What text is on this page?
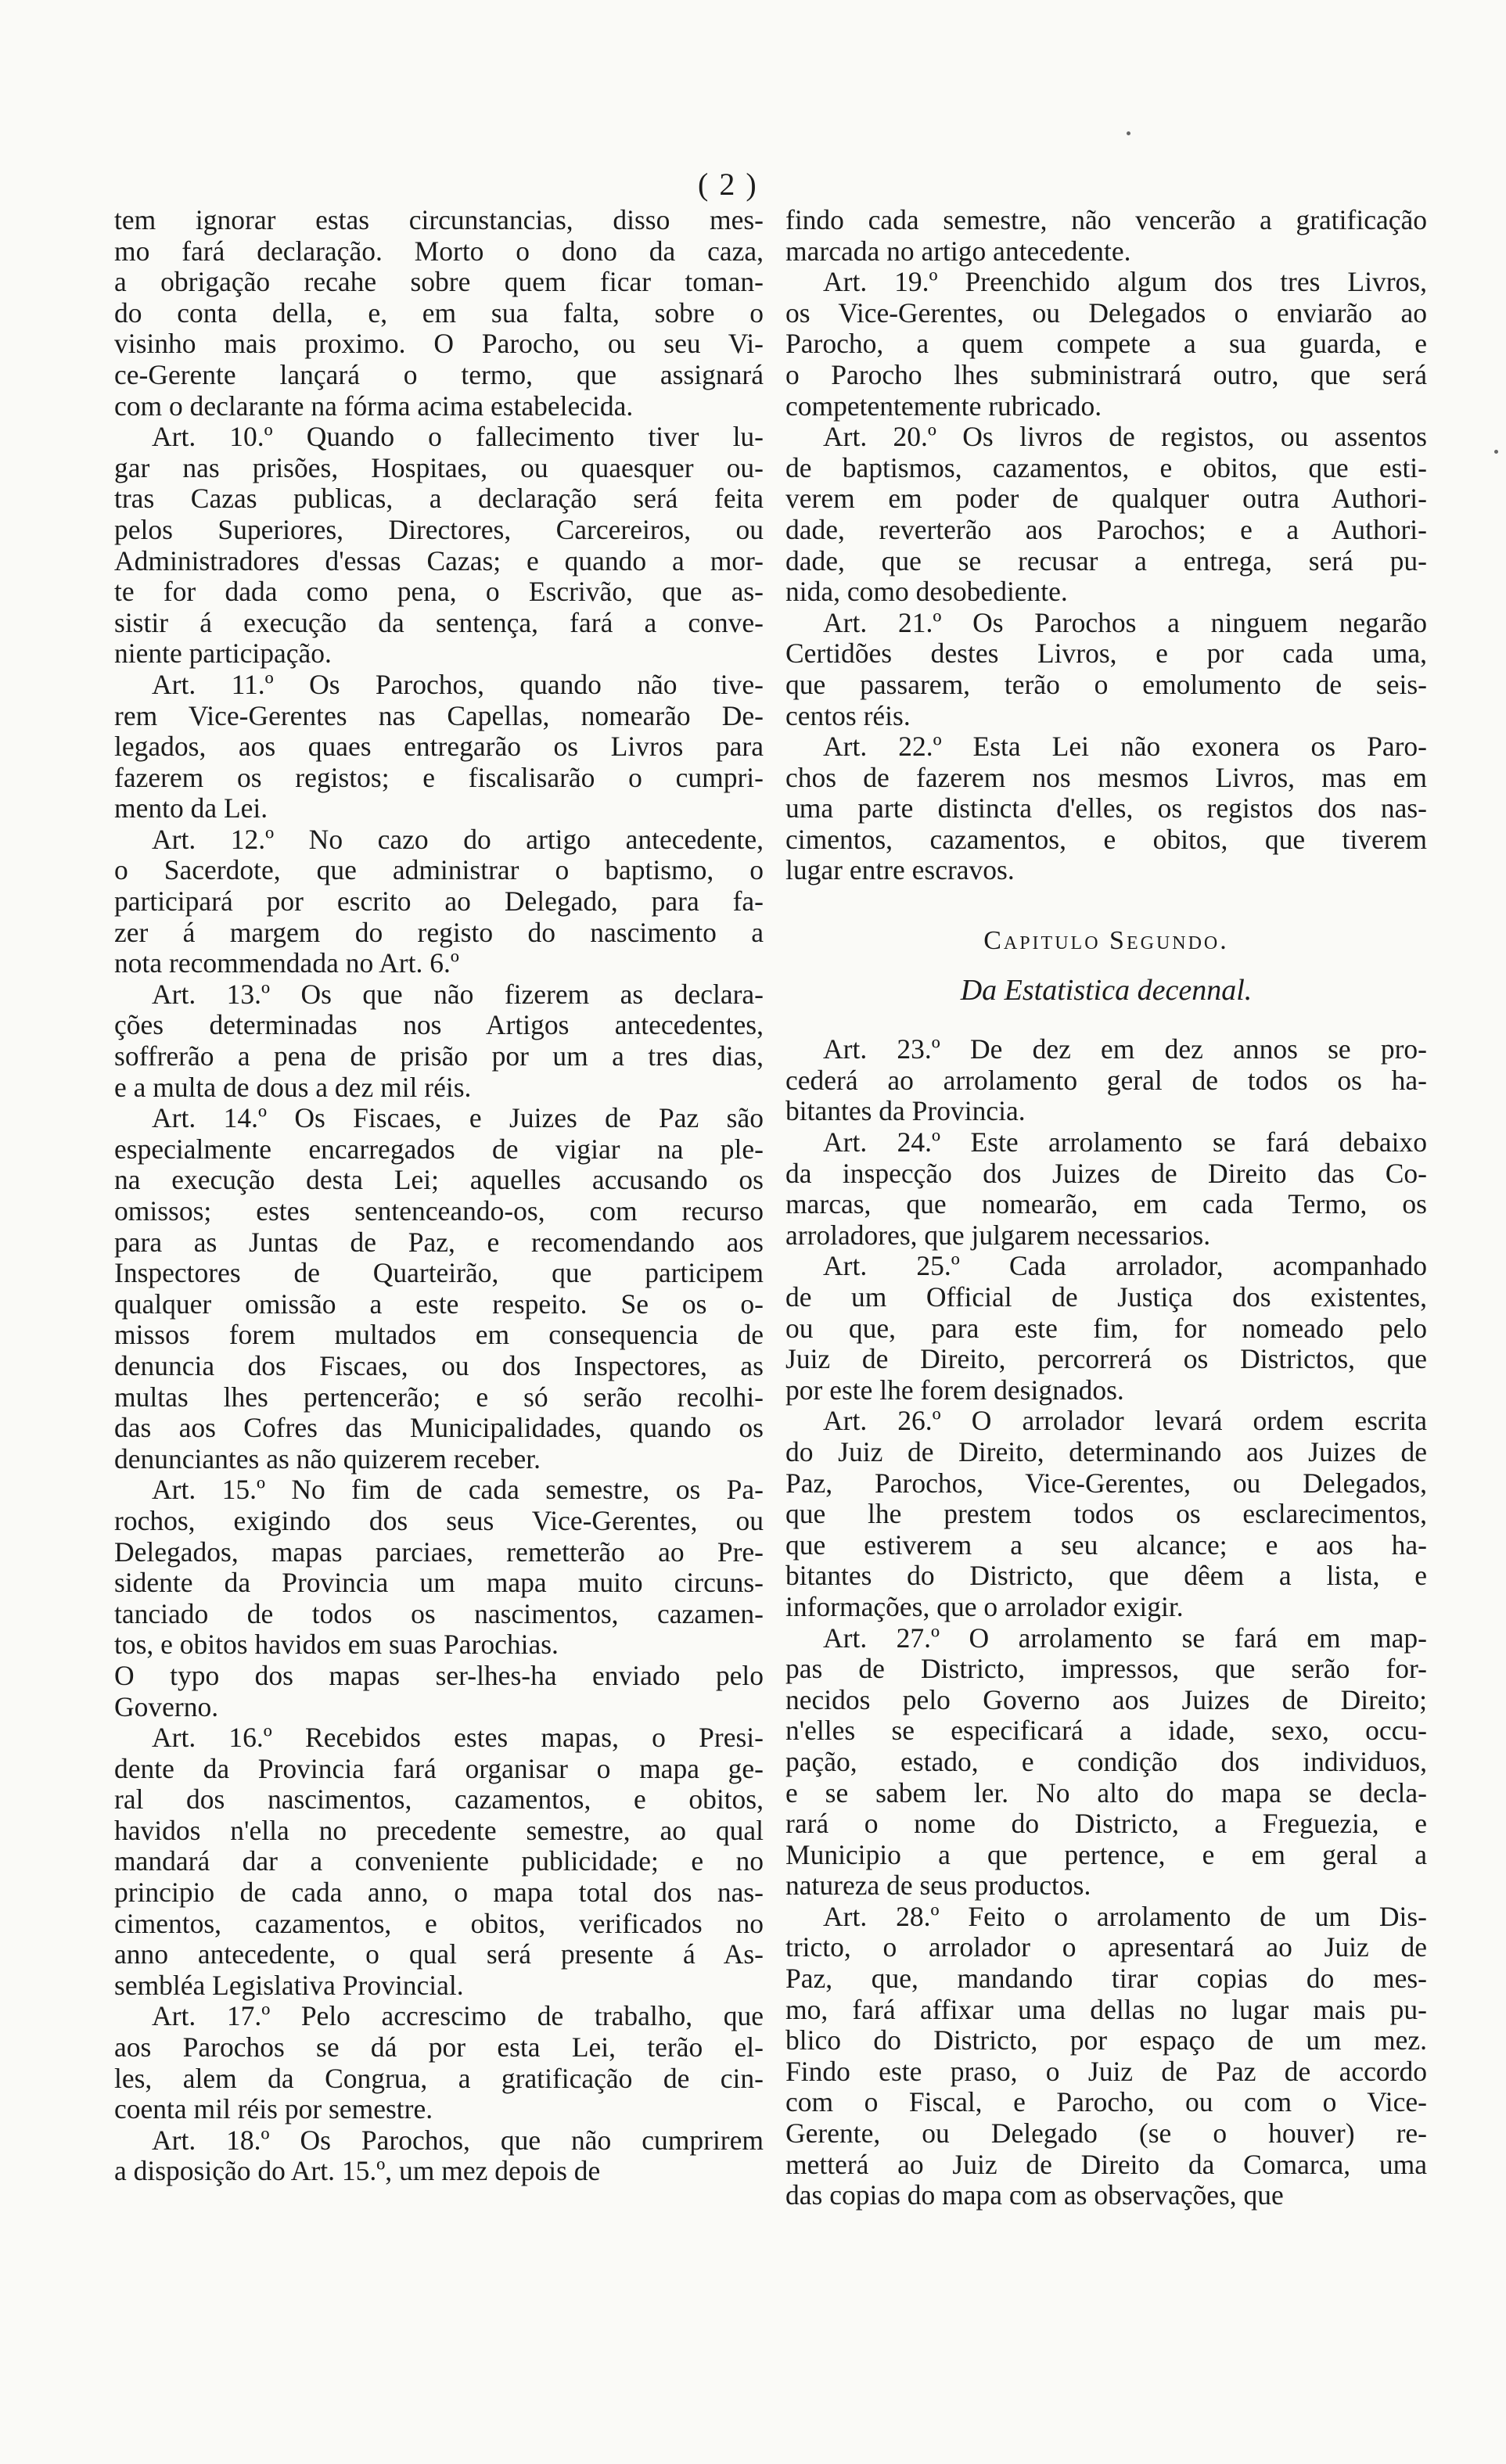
( 2 )
tem ignorar estas circunstancias, disso mes-
mo fará declaração. Morto o dono da caza,
a obrigação recahe sobre quem ficar toman-
do conta della, e, em sua falta, sobre o
visinho mais proximo. O Parocho, ou seu Vi-
ce-Gerente lançará o termo, que assignará
com o declarante na fórma acima estabelecida.
Art. 10.º Quando o fallecimento tiver lu-
gar nas prisões, Hospitaes, ou quaesquer ou-
tras Cazas publicas, a declaração será feita
pelos Superiores, Directores, Carcereiros, ou
Administradores d'essas Cazas; e quando a mor-
te for dada como pena, o Escrivão, que as-
sistir á execução da sentença, fará a conve-
niente participação.
Art. 11.º Os Parochos, quando não tive-
rem Vice-Gerentes nas Capellas, nomearão De-
legados, aos quaes entregarão os Livros para
fazerem os registos; e fiscalisarão o cumpri-
mento da Lei.
Art. 12.º No cazo do artigo antecedente,
o Sacerdote, que administrar o baptismo, o
participará por escrito ao Delegado, para fa-
zer á margem do registo do nascimento a
nota recommendada no Art. 6.º
Art. 13.º Os que não fizerem as declara-
ções determinadas nos Artigos antecedentes,
soffrerão a pena de prisão por um a tres dias,
e a multa de dous a dez mil réis.
Art. 14.º Os Fiscaes, e Juizes de Paz são
especialmente encarregados de vigiar na ple-
na execução desta Lei; aquelles accusando os
omissos; estes sentenceando-os, com recurso
para as Juntas de Paz, e recomendando aos
Inspectores de Quarteirão, que participem
qualquer omissão a este respeito. Se os o-
missos forem multados em consequencia de
denuncia dos Fiscaes, ou dos Inspectores, as
multas lhes pertencerão; e só serão recolhi-
das aos Cofres das Municipalidades, quando os
denunciantes as não quizerem receber.
Art. 15.º No fim de cada semestre, os Pa-
rochos, exigindo dos seus Vice-Gerentes, ou
Delegados, mapas parciaes, remetterão ao Pre-
sidente da Provincia um mapa muito circuns-
tanciado de todos os nascimentos, cazamen-
tos, e obitos havidos em suas Parochias.
O typo dos mapas ser-lhes-ha enviado pelo
Governo.
Art. 16.º Recebidos estes mapas, o Presi-
dente da Provincia fará organisar o mapa ge-
ral dos nascimentos, cazamentos, e obitos,
havidos n'ella no precedente semestre, ao qual
mandará dar a conveniente publicidade; e no
principio de cada anno, o mapa total dos nas-
cimentos, cazamentos, e obitos, verificados no
anno antecedente, o qual será presente á As-
sembléa Legislativa Provincial.
Art. 17.º Pelo accrescimo de trabalho, que
aos Parochos se dá por esta Lei, terão el-
les, alem da Congrua, a gratificação de cin-
coenta mil réis por semestre.
Art. 18.º Os Parochos, que não cumprirem
a disposição do Art. 15.º, um mez depois de
findo cada semestre, não vencerão a gratificação
marcada no artigo antecedente.
Art. 19.º Preenchido algum dos tres Livros,
os Vice-Gerentes, ou Delegados o enviarão ao
Parocho, a quem compete a sua guarda, e
o Parocho lhes subministrará outro, que será
competentemente rubricado.
Art. 20.º Os livros de registos, ou assentos
de baptismos, cazamentos, e obitos, que esti-
verem em poder de qualquer outra Authori-
dade, reverterão aos Parochos; e a Authori-
dade, que se recusar a entrega, será pu-
nida, como desobediente.
Art. 21.º Os Parochos a ninguem negarão
Certidões destes Livros, e por cada uma,
que passarem, terão o emolumento de seis-
centos réis.
Art. 22.º Esta Lei não exonera os Paro-
chos de fazerem nos mesmos Livros, mas em
uma parte distincta d'elles, os registos dos nas-
cimentos, cazamentos, e obitos, que tiverem
lugar entre escravos.
Capitulo Segundo.
Da Estatistica decennal.
Art. 23.º De dez em dez annos se pro-
cederá ao arrolamento geral de todos os ha-
bitantes da Provincia.
Art. 24.º Este arrolamento se fará debaixo
da inspecção dos Juizes de Direito das Co-
marcas, que nomearão, em cada Termo, os
arroladores, que julgarem necessarios.
Art. 25.º Cada arrolador, acompanhado
de um Official de Justiça dos existentes,
ou que, para este fim, for nomeado pelo
Juiz de Direito, percorrerá os Districtos, que
por este lhe forem designados.
Art. 26.º O arrolador levará ordem escrita
do Juiz de Direito, determinando aos Juizes de
Paz, Parochos, Vice-Gerentes, ou Delegados,
que lhe prestem todos os esclarecimentos,
que estiverem a seu alcance; e aos ha-
bitantes do Districto, que dêem a lista, e
informações, que o arrolador exigir.
Art. 27.º O arrolamento se fará em map-
pas de Districto, impressos, que serão for-
necidos pelo Governo aos Juizes de Direito;
n'elles se especificará a idade, sexo, occu-
pação, estado, e condição dos individuos,
e se sabem ler. No alto do mapa se decla-
rará o nome do Districto, a Freguezia, e
Municipio a que pertence, e em geral a
natureza de seus productos.
Art. 28.º Feito o arrolamento de um Dis-
tricto, o arrolador o apresentará ao Juiz de
Paz, que, mandando tirar copias do mes-
mo, fará affixar uma dellas no lugar mais pu-
blico do Districto, por espaço de um mez.
Findo este praso, o Juiz de Paz de accordo
com o Fiscal, e Parocho, ou com o Vice-
Gerente, ou Delegado (se o houver) re-
metterá ao Juiz de Direito da Comarca, uma
das copias do mapa com as observações, que
